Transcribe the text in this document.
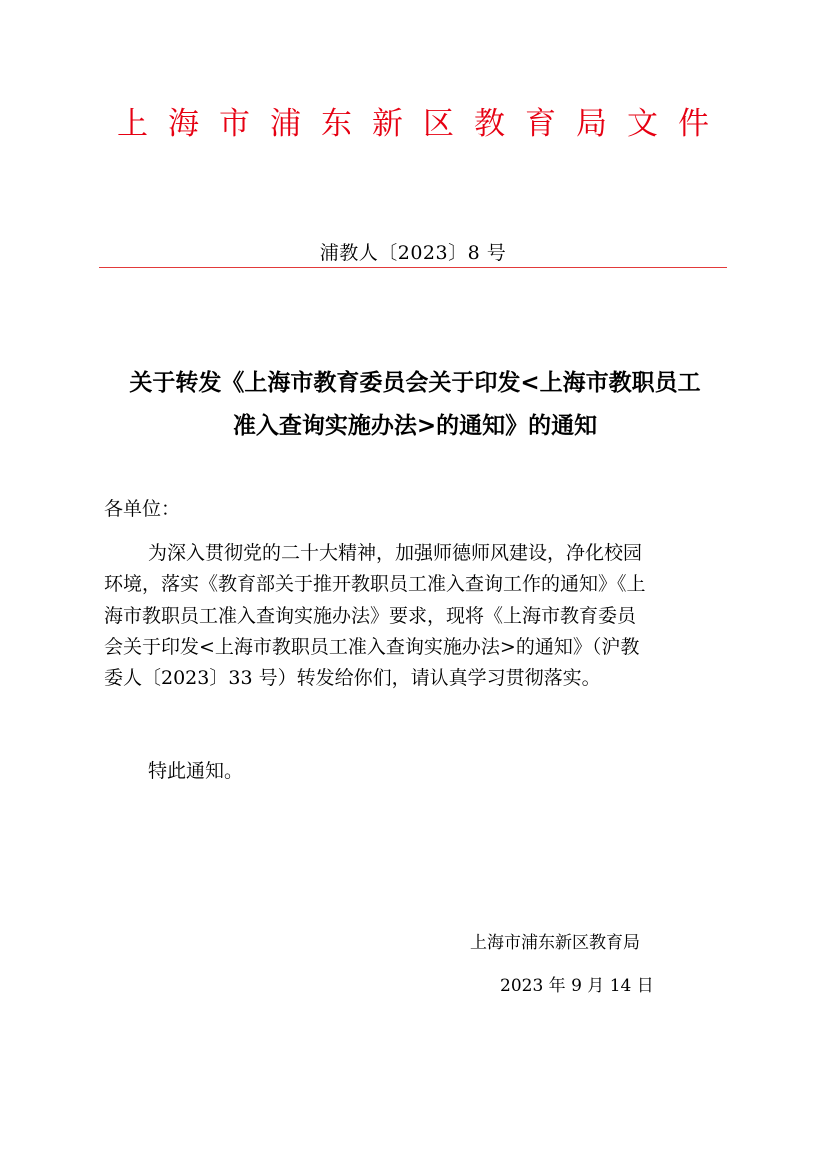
上海市浦东新区教育局文件
浦教人〔2023〕8 号
关于转发《上海市教育委员会关于印发<上海市教职员工
准入查询实施办法>的通知》的通知
各单位：
为深入贯彻党的二十大精神，加强师德师风建设，净化校园
环境，落实《教育部关于推开教职员工准入查询工作的通知》《上
海市教职员工准入查询实施办法》要求，现将《上海市教育委员
会关于印发<上海市教职员工准入查询实施办法>的通知》（沪教
委人〔2023〕33 号）转发给你们，请认真学习贯彻落实。
特此通知。
上海市浦东新区教育局
2023 年 9 月 14 日
